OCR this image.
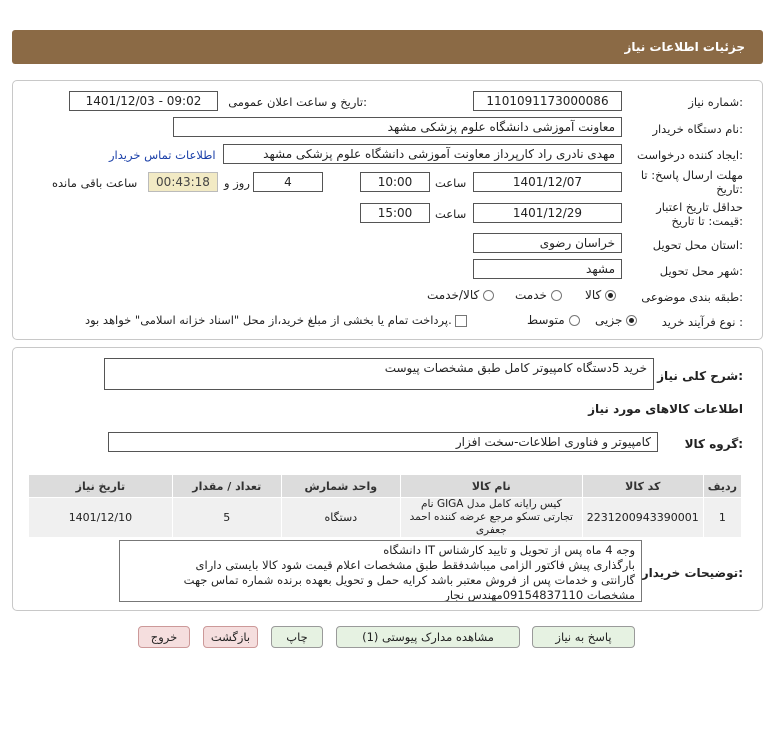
جزئیات اطلاعات نیاز
شماره نیاز:
1101091173000086
تاریخ و ساعت اعلان عمومی:
1401/12/03 - 09:02
نام دستگاه خریدار:
معاونت آموزشی دانشگاه علوم پزشکی مشهد
ایجاد کننده درخواست:
مهدی نادری راد کارپرداز معاونت آموزشی دانشگاه علوم پزشکی مشهد
اطلاعات تماس خریدار
مهلت ارسال پاسخ: تا
تاریخ:
1401/12/07
ساعت
10:00
4
روز و
00:43:18
ساعت باقی مانده
حداقل تاریخ اعتبار
قیمت: تا تاریخ:
1401/12/29
ساعت
15:00
استان محل تحویل:
خراسان رضوی
شهر محل تحویل:
مشهد
طبقه بندی موضوعی:
کالا
خدمت
کالا/خدمت
نوع فرآیند خرید :
جزیی
متوسط
پرداخت تمام یا بخشی از مبلغ خرید،از محل "اسناد خزانه اسلامی" خواهد بود.
شرح کلی نیاز:
خرید 5دستگاه کامپیوتر کامل طبق مشخصات پیوست
اطلاعات کالاهای مورد نیاز
گروه کالا:
کامپیوتر و فناوری اطلاعات-سخت افزار
ردیف	کد کالا	نام کالا	واحد شمارش	تعداد / مقدار	تاریخ نیاز
1	2231200943390001	کیس رایانه کامل مدل GIGA نام تجارتی تسکو مرجع عرضه کننده احمد جعفری	دستگاه	5	1401/12/10
توضیحات خریدار:
وجه 4 ماه پس از تحویل و تایید کارشناس IT دانشگاه
بارگذاری پیش فاکتور الزامی میباشدفقط طبق مشخصات اعلام قیمت شود کالا بایستی دارای
گارانتی و خدمات پس از فروش معتبر باشد کرایه حمل و تحویل بعهده برنده شماره تماس جهت
مشخصات 09154837110مهندس نجار
پاسخ به نیاز
مشاهده مدارک پیوستی (1)
چاپ
بازگشت
خروج
